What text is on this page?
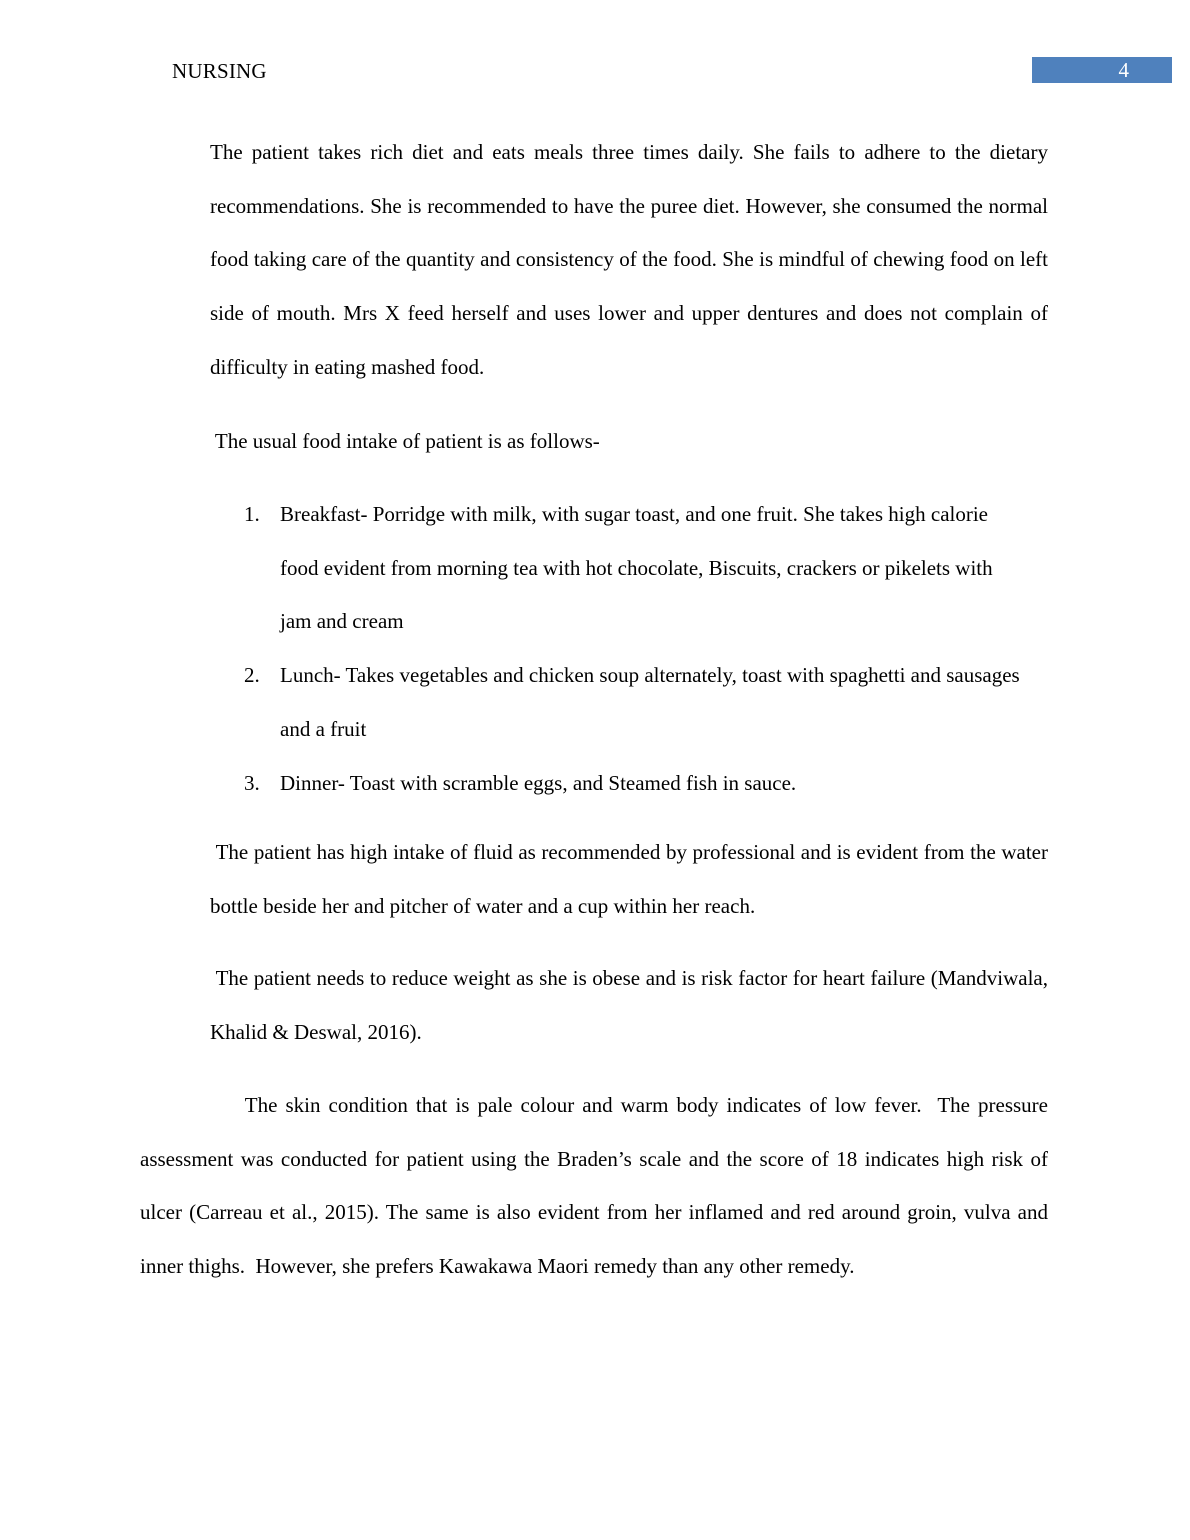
NURSING	4

The patient takes rich diet and eats meals three times daily. She fails to adhere to the dietary recommendations. She is recommended to have the puree diet. However, she consumed the normal food taking care of the quantity and consistency of the food. She is mindful of chewing food on left side of mouth. Mrs X feed herself and uses lower and upper dentures and does not complain of difficulty in eating mashed food.

The usual food intake of patient is as follows-

1. Breakfast- Porridge with milk, with sugar toast, and one fruit. She takes high calorie food evident from morning tea with hot chocolate, Biscuits, crackers or pikelets with jam and cream

2. Lunch- Takes vegetables and chicken soup alternately, toast with spaghetti and sausages and a fruit

3. Dinner- Toast with scramble eggs, and Steamed fish in sauce.

The patient has high intake of fluid as recommended by professional and is evident from the water bottle beside her and pitcher of water and a cup within her reach.

The patient needs to reduce weight as she is obese and is risk factor for heart failure (Mandviwala, Khalid & Deswal, 2016).

The skin condition that is pale colour and warm body indicates of low fever.  The pressure assessment was conducted for patient using the Braden’s scale and the score of 18 indicates high risk of ulcer (Carreau et al., 2015). The same is also evident from her inflamed and red around groin, vulva and inner thighs.  However, she prefers Kawakawa Maori remedy than any other remedy.
